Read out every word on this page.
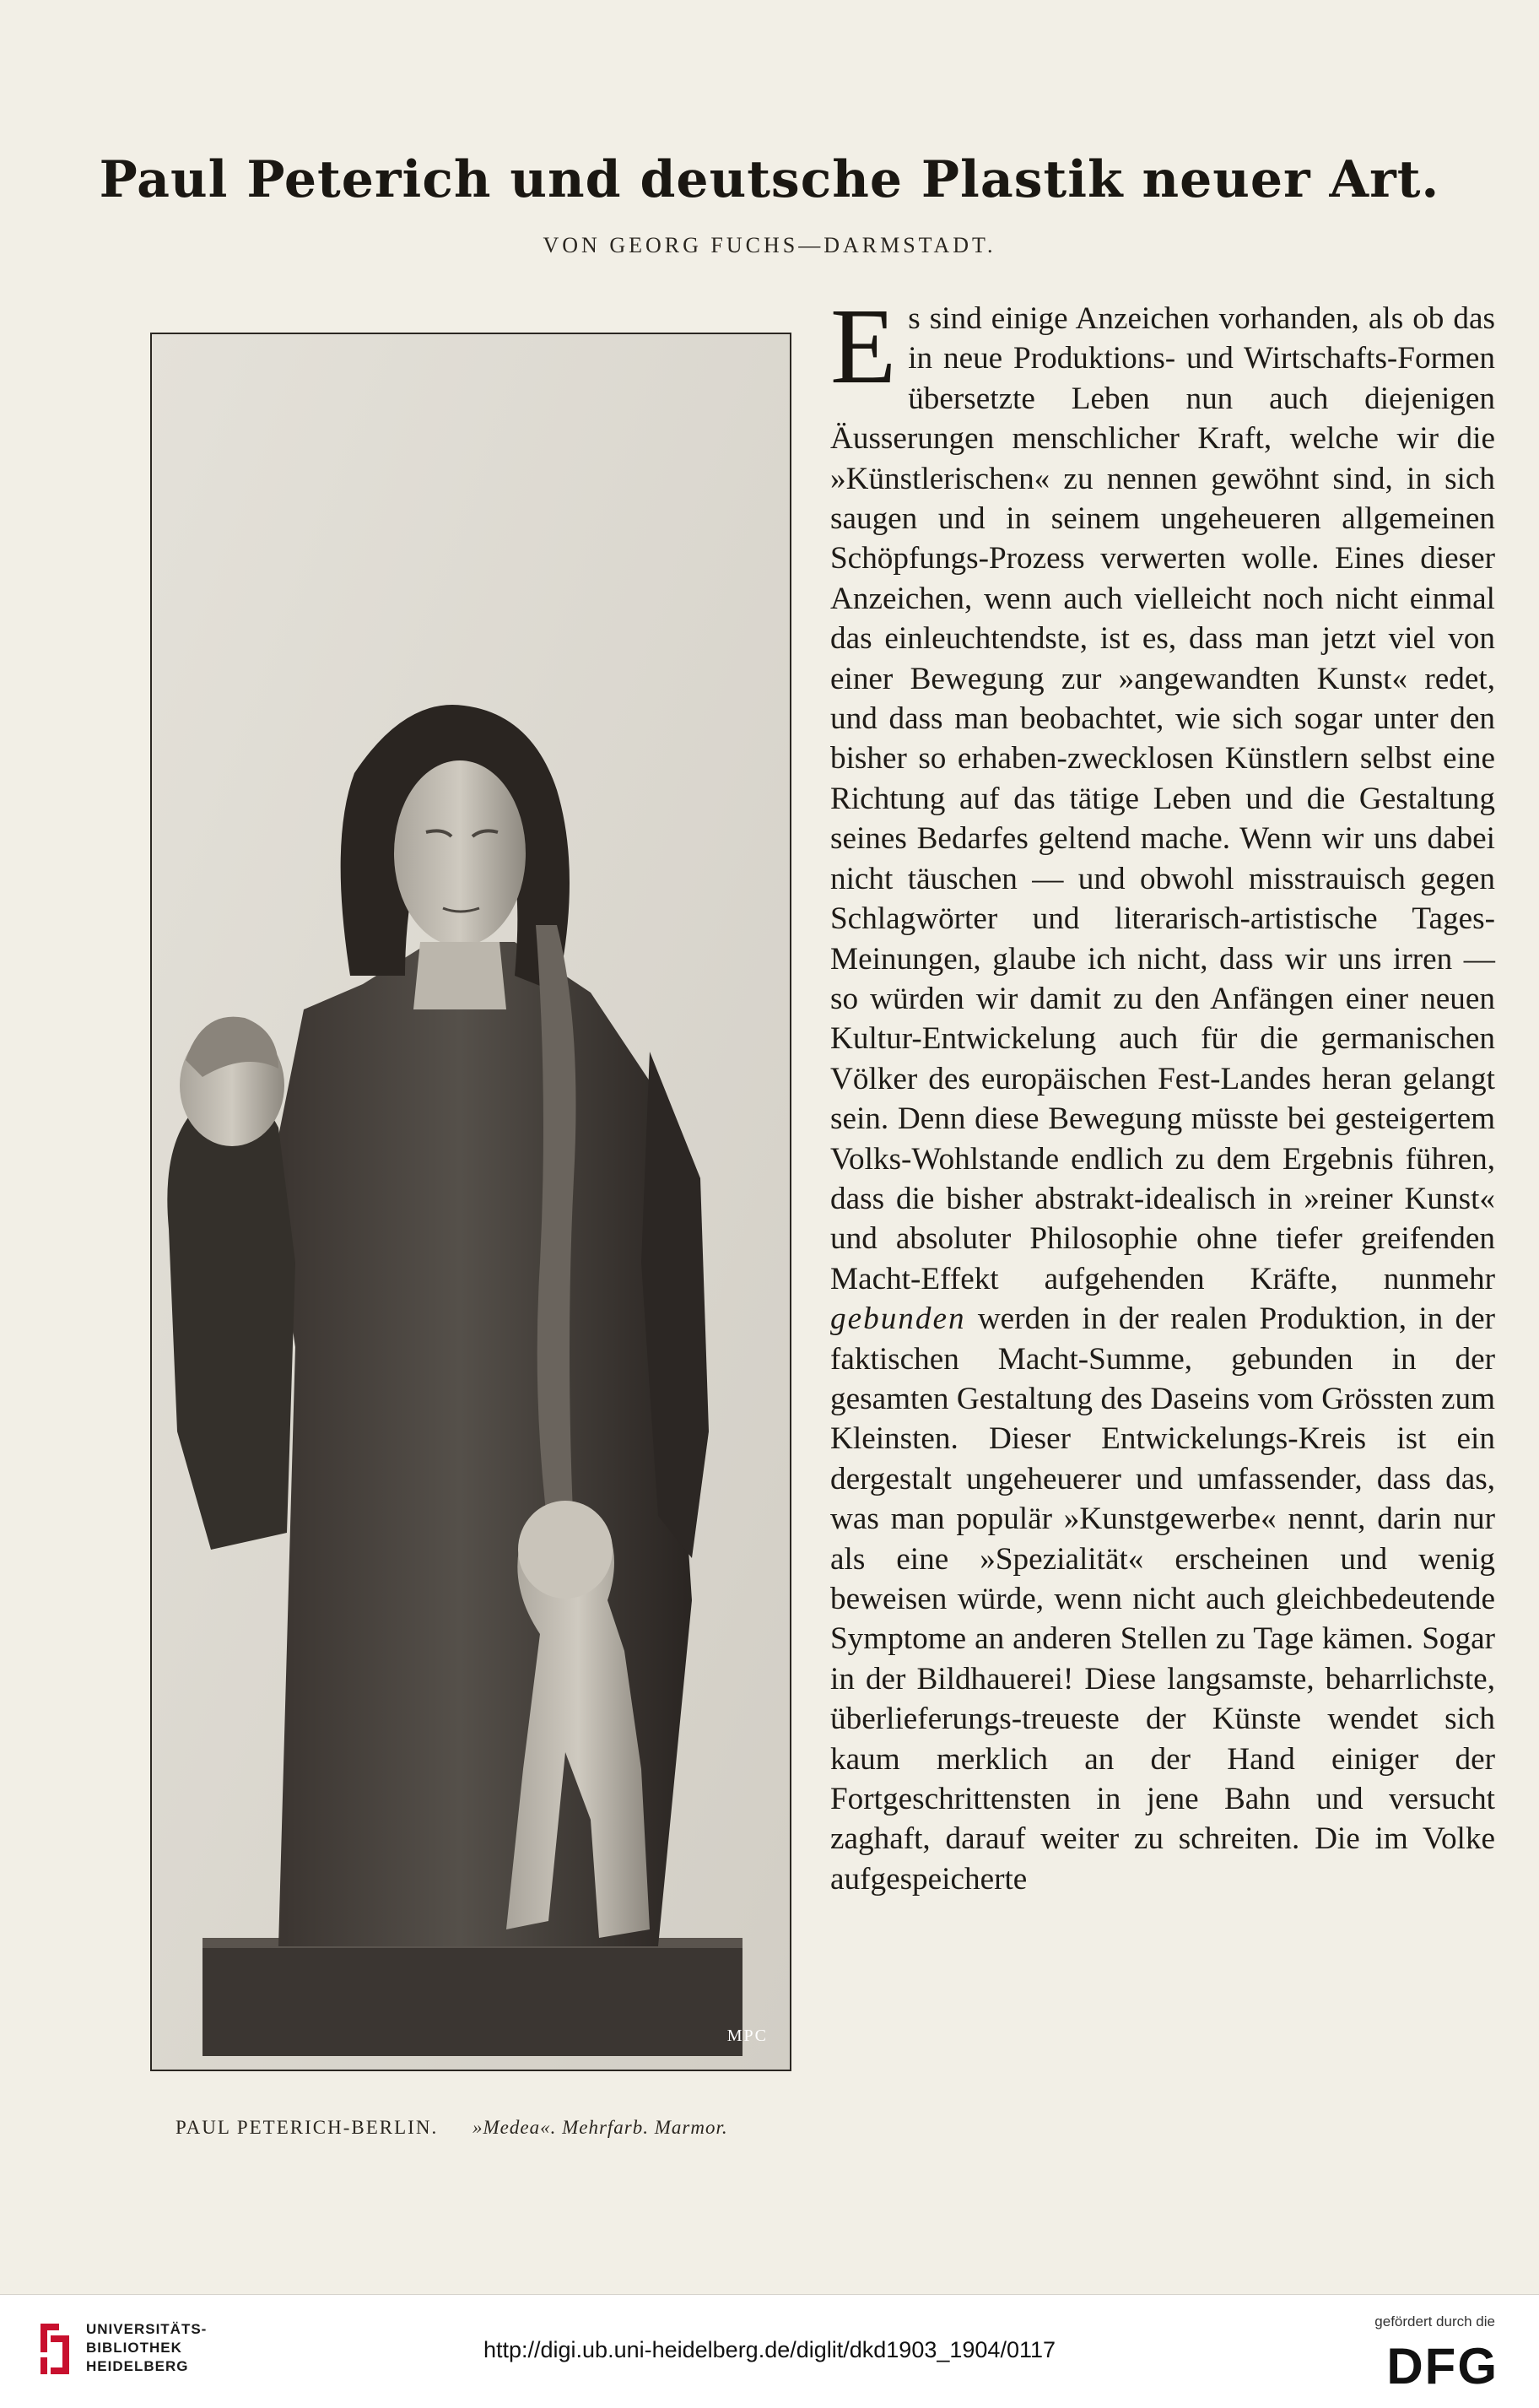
Paul Peterich und deutsche Plastik neuer Art.
VON GEORG FUCHS—DARMSTADT.
MPC
PAUL PETERICH-BERLIN. »Medea«. Mehrfarb. Marmor.

Es sind einige Anzeichen vorhanden, als ob das in neue Produktions- und Wirtschafts-Formen übersetzte Leben nun auch diejenigen Äusserungen menschlicher Kraft, welche wir die »Künstlerischen« zu nennen gewöhnt sind, in sich saugen und in seinem ungeheueren allgemeinen Schöpfungs-Prozess verwerten wolle. Eines dieser Anzeichen, wenn auch vielleicht noch nicht einmal das einleuchtendste, ist es, dass man jetzt viel von einer Bewegung zur »angewandten Kunst« redet, und dass man beobachtet, wie sich sogar unter den bisher so erhaben-zwecklosen Künstlern selbst eine Richtung auf das tätige Leben und die Gestaltung seines Bedarfes geltend mache. Wenn wir uns dabei nicht täuschen — und obwohl misstrauisch gegen Schlagwörter und literarisch-artistische Tages-Meinungen, glaube ich nicht, dass wir uns irren — so würden wir damit zu den Anfängen einer neuen Kultur-Entwickelung auch für die germanischen Völker des europäischen Fest-Landes heran gelangt sein. Denn diese Bewegung müsste bei gesteigertem Volks-Wohlstande endlich zu dem Ergebnis führen, dass die bisher abstrakt-idealisch in »reiner Kunst« und absoluter Philosophie ohne tiefer greifenden Macht-Effekt aufgehenden Kräfte, nunmehr gebunden werden in der realen Produktion, in der faktischen Macht-Summe, gebunden in der gesamten Gestaltung des Daseins vom Grössten zum Kleinsten. Dieser Entwickelungs-Kreis ist ein dergestalt ungeheuerer und umfassender, dass das, was man populär »Kunstgewerbe« nennt, darin nur als eine »Spezialität« erscheinen und wenig beweisen würde, wenn nicht auch gleichbedeutende Symptome an anderen Stellen zu Tage kämen. Sogar in der Bildhauerei! Diese langsamste, beharrlichste, überlieferungs-treueste der Künste wendet sich kaum merklich an der Hand einiger der Fortgeschrittensten in jene Bahn und versucht zaghaft, darauf weiter zu schreiten. Die im Volke aufgespeicherte

UNIVERSITÄTS-
BIBLIOTHEK
HEIDELBERG
http://digi.ub.uni-heidelberg.de/diglit/dkd1903_1904/0117
gefördert durch die
DFG
